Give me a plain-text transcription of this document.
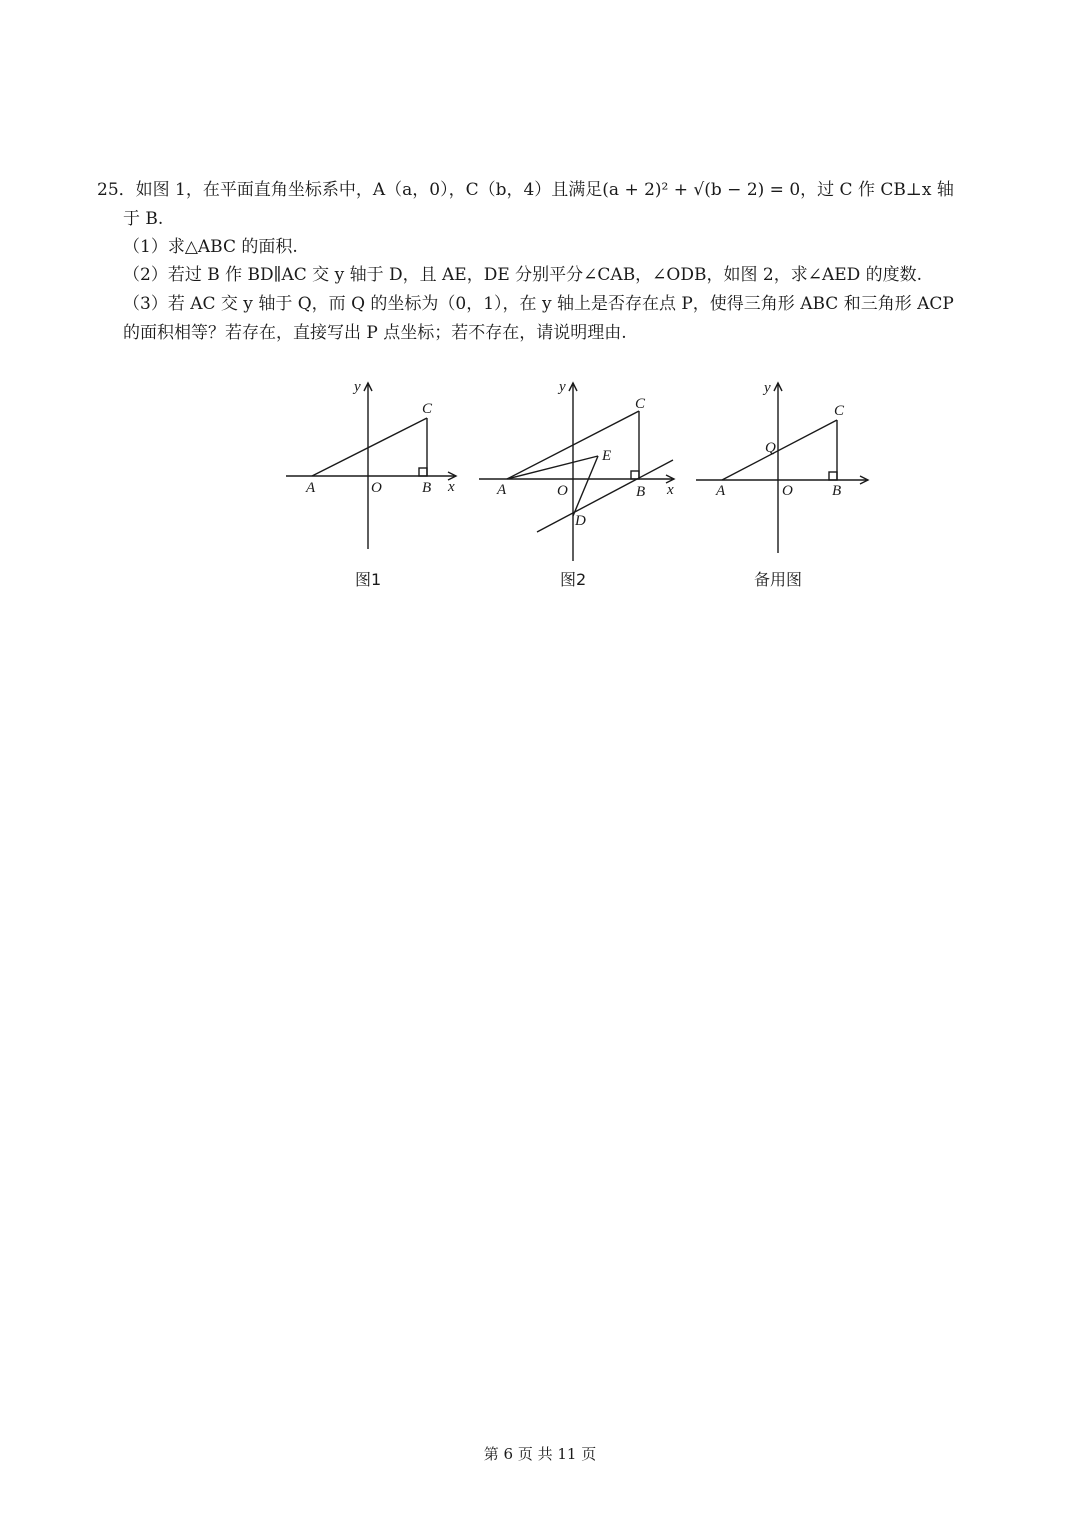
25．如图 1，在平面直角坐标系中，A（a，0），C（b，4）且满足(a + 2)² + √(b − 2) = 0，过 C 作 CB⊥x 轴
于 B.
（1）求△ABC 的面积.
（2）若过 B 作 BD∥AC 交 y 轴于 D，且 AE，DE 分别平分∠CAB，∠ODB，如图 2，求∠AED 的度数.
（3）若 AC 交 y 轴于 Q，而 Q 的坐标为（0，1），在 y 轴上是否存在点 P，使得三角形 ABC 和三角形 ACP
的面积相等？若存在，直接写出 P 点坐标；若不存在，请说明理由.
y
x
A	O	B
C
图1
y
x
A	O	B
C
E
D
图2
y
A	O	B
C
Q
备用图
第 6 页 共 11 页
